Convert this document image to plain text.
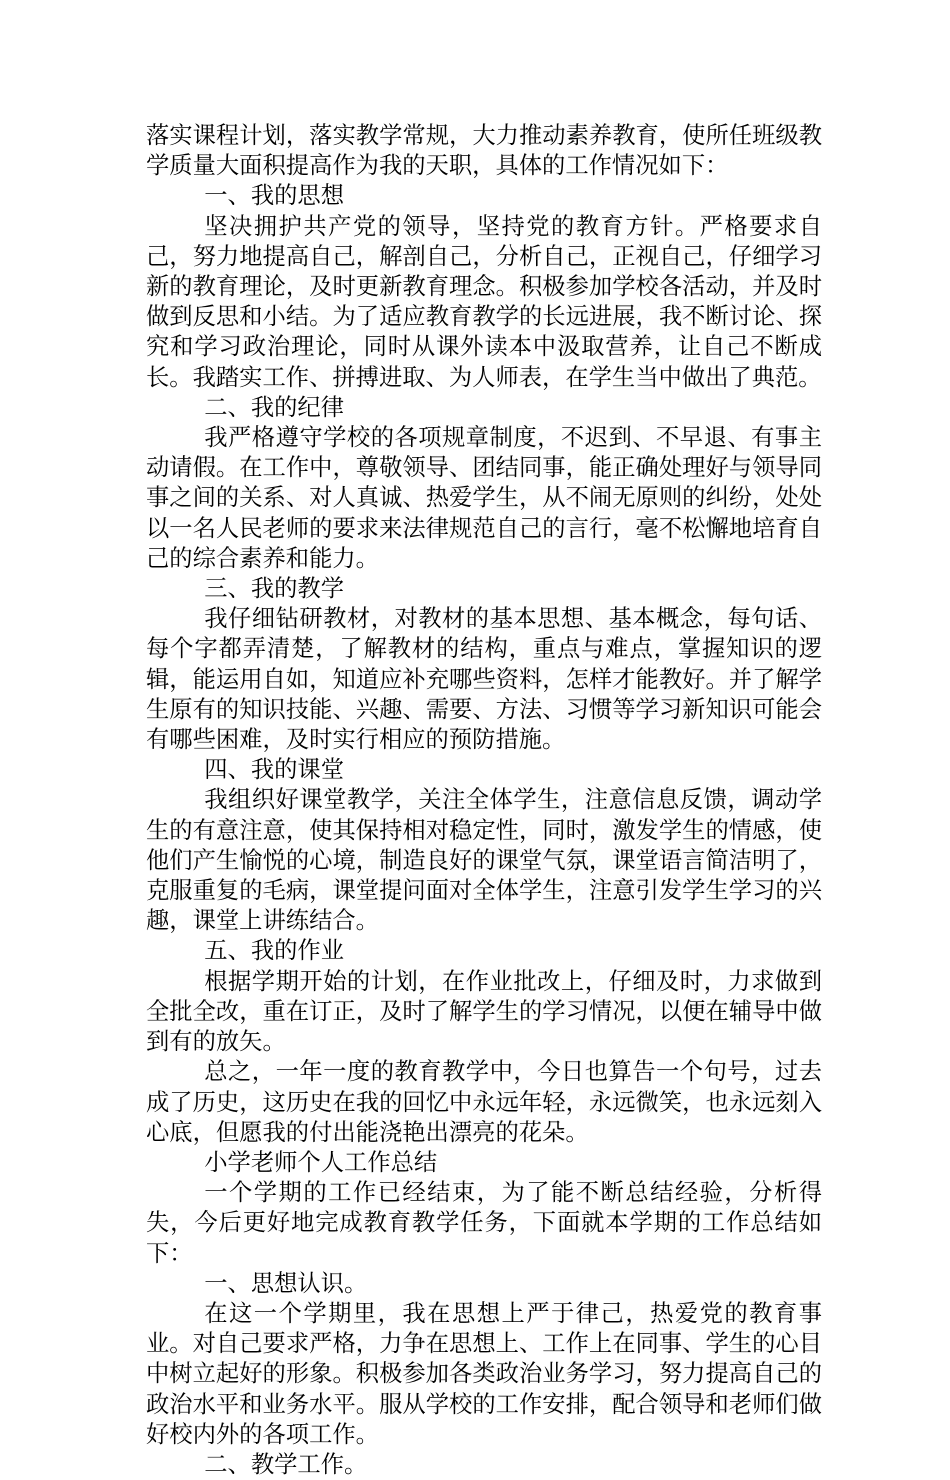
落实课程计划，落实教学常规，大力推动素养教育，使所任班级教学质量大面积提高作为我的天职，具体的工作情况如下：

一、我的思想

坚决拥护共产党的领导，坚持党的教育方针。严格要求自己，努力地提高自己，解剖自己，分析自己，正视自己，仔细学习新的教育理论，及时更新教育理念。积极参加学校各活动，并及时做到反思和小结。为了适应教育教学的长远进展，我不断讨论、探究和学习政治理论，同时从课外读本中汲取营养，让自己不断成长。我踏实工作、拼搏进取、为人师表，在学生当中做出了典范。

二、我的纪律

我严格遵守学校的各项规章制度，不迟到、不早退、有事主动请假。在工作中，尊敬领导、团结同事，能正确处理好与领导同事之间的关系、对人真诚、热爱学生，从不闹无原则的纠纷，处处以一名人民老师的要求来法律规范自己的言行，毫不松懈地培育自己的综合素养和能力。

三、我的教学

我仔细钻研教材，对教材的基本思想、基本概念，每句话、每个字都弄清楚，了解教材的结构，重点与难点，掌握知识的逻辑，能运用自如，知道应补充哪些资料，怎样才能教好。并了解学生原有的知识技能、兴趣、需要、方法、习惯等学习新知识可能会有哪些困难，及时实行相应的预防措施。

四、我的课堂

我组织好课堂教学，关注全体学生，注意信息反馈，调动学生的有意注意，使其保持相对稳定性，同时，激发学生的情感，使他们产生愉悦的心境，制造良好的课堂气氛，课堂语言简洁明了，克服重复的毛病，课堂提问面对全体学生，注意引发学生学习的兴趣，课堂上讲练结合。

五、我的作业

根据学期开始的计划，在作业批改上，仔细及时，力求做到全批全改，重在订正，及时了解学生的学习情况，以便在辅导中做到有的放矢。

总之，一年一度的教育教学中，今日也算告一个句号，过去成了历史，这历史在我的回忆中永远年轻，永远微笑，也永远刻入心底，但愿我的付出能浇艳出漂亮的花朵。

小学老师个人工作总结

一个学期的工作已经结束，为了能不断总结经验，分析得失，今后更好地完成教育教学任务，下面就本学期的工作总结如下：

一、思想认识。

在这一个学期里，我在思想上严于律己，热爱党的教育事业。对自己要求严格，力争在思想上、工作上在同事、学生的心目中树立起好的形象。积极参加各类政治业务学习，努力提高自己的政治水平和业务水平。服从学校的工作安排，配合领导和老师们做好校内外的各项工作。

二、教学工作。
